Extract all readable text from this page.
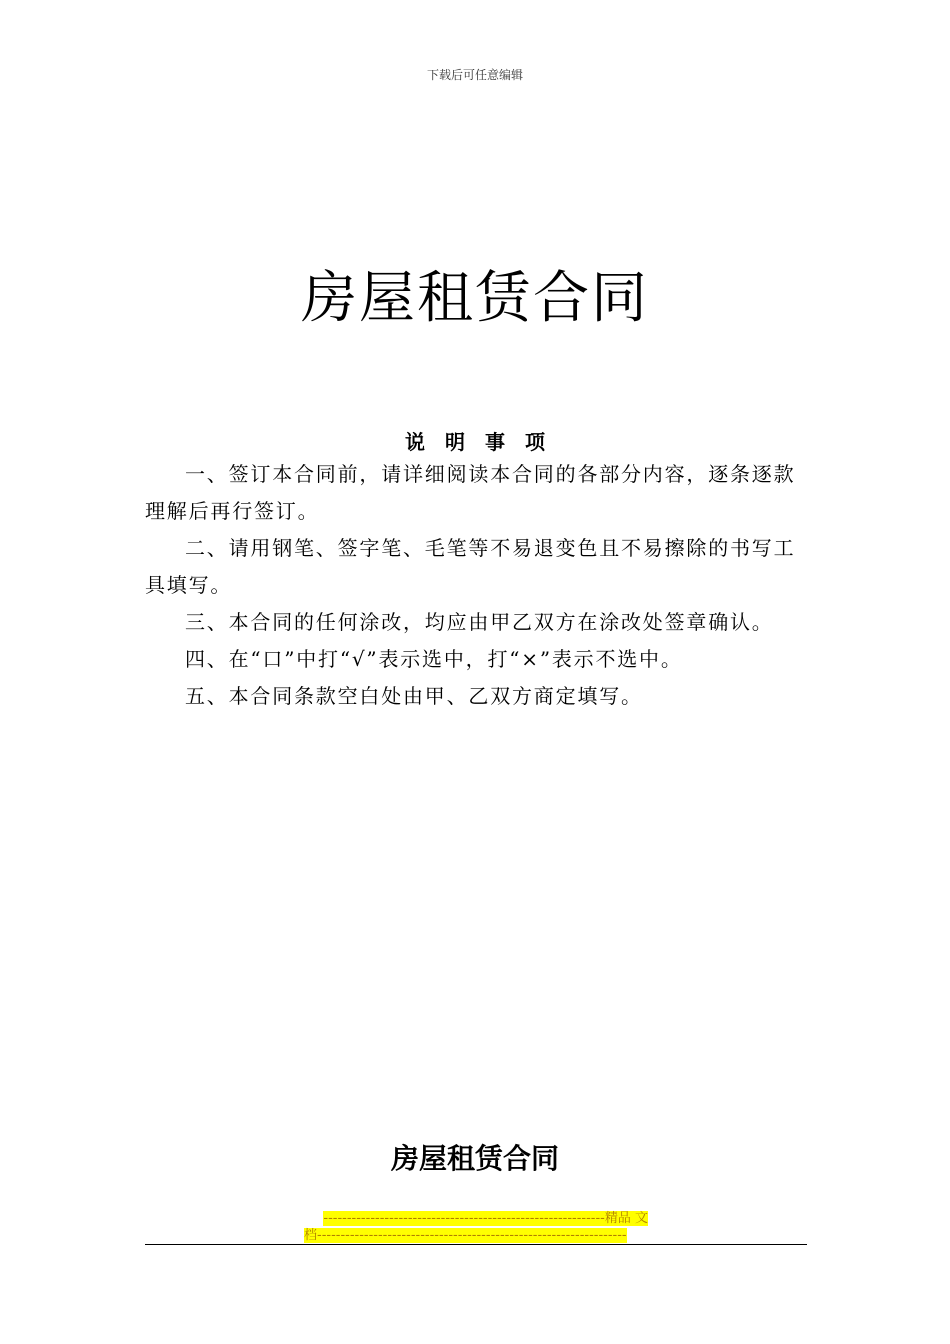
下载后可任意编辑
房屋租赁合同
说明事项

一、签订本合同前，请详细阅读本合同的各部分内容，逐条逐款理解后再行签订。

二、请用钢笔、签字笔、毛笔等不易退变色且不易擦除的书写工具填写。

三、本合同的任何涂改，均应由甲乙双方在涂改处签章确认。

四、在“口”中打“√”表示选中，打“×”表示不选中。

五、本合同条款空白处由甲、乙双方商定填写。

房屋租赁合同
------------------------------------------------------------精品 文
档------------------------------------------------------------------
